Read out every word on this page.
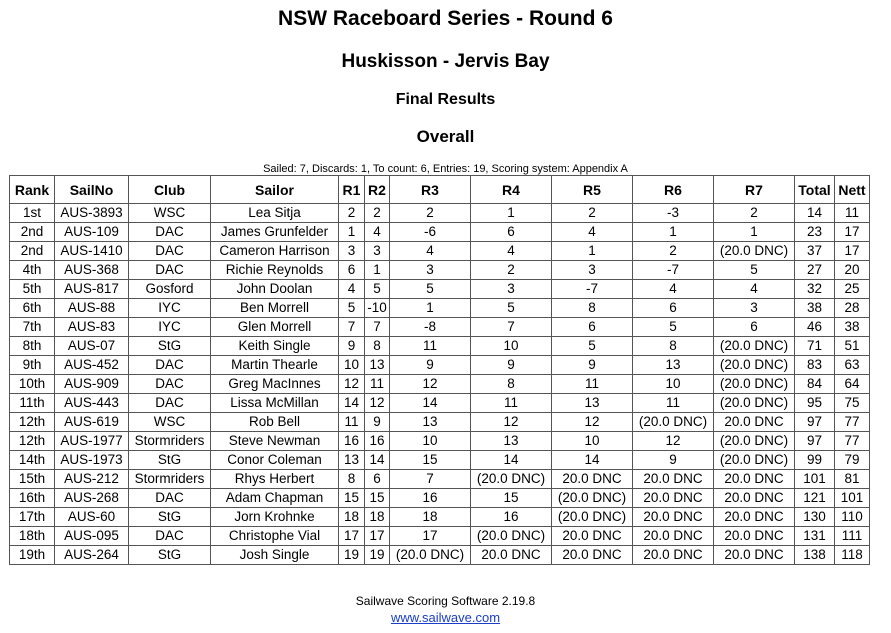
NSW Raceboard Series - Round 6
Huskisson - Jervis Bay
Final Results
Overall
Sailed: 7, Discards: 1, To count: 6, Entries: 19, Scoring system: Appendix A
Rank	SailNo	Club	Sailor	R1	R2	R3	R4	R5	R6	R7	Total	Nett
1st	AUS-3893	WSC	Lea Sitja	2	2	2	1	2	-3	2	14	11
2nd	AUS-109	DAC	James Grunfelder	1	4	-6	6	4	1	1	23	17
2nd	AUS-1410	DAC	Cameron Harrison	3	3	4	4	1	2	(20.0 DNC)	37	17
4th	AUS-368	DAC	Richie Reynolds	6	1	3	2	3	-7	5	27	20
5th	AUS-817	Gosford	John Doolan	4	5	5	3	-7	4	4	32	25
6th	AUS-88	IYC	Ben Morrell	5	-10	1	5	8	6	3	38	28
7th	AUS-83	IYC	Glen Morrell	7	7	-8	7	6	5	6	46	38
8th	AUS-07	StG	Keith Single	9	8	11	10	5	8	(20.0 DNC)	71	51
9th	AUS-452	DAC	Martin Thearle	10	13	9	9	9	13	(20.0 DNC)	83	63
10th	AUS-909	DAC	Greg MacInnes	12	11	12	8	11	10	(20.0 DNC)	84	64
11th	AUS-443	DAC	Lissa McMillan	14	12	14	11	13	11	(20.0 DNC)	95	75
12th	AUS-619	WSC	Rob Bell	11	9	13	12	12	(20.0 DNC)	20.0 DNC	97	77
12th	AUS-1977	Stormriders	Steve Newman	16	16	10	13	10	12	(20.0 DNC)	97	77
14th	AUS-1973	StG	Conor Coleman	13	14	15	14	14	9	(20.0 DNC)	99	79
15th	AUS-212	Stormriders	Rhys Herbert	8	6	7	(20.0 DNC)	20.0 DNC	20.0 DNC	20.0 DNC	101	81
16th	AUS-268	DAC	Adam Chapman	15	15	16	15	(20.0 DNC)	20.0 DNC	20.0 DNC	121	101
17th	AUS-60	StG	Jorn Krohnke	18	18	18	16	(20.0 DNC)	20.0 DNC	20.0 DNC	130	110
18th	AUS-095	DAC	Christophe Vial	17	17	17	(20.0 DNC)	20.0 DNC	20.0 DNC	20.0 DNC	131	111
19th	AUS-264	StG	Josh Single	19	19	(20.0 DNC)	20.0 DNC	20.0 DNC	20.0 DNC	20.0 DNC	138	118
Sailwave Scoring Software 2.19.8
www.sailwave.com
